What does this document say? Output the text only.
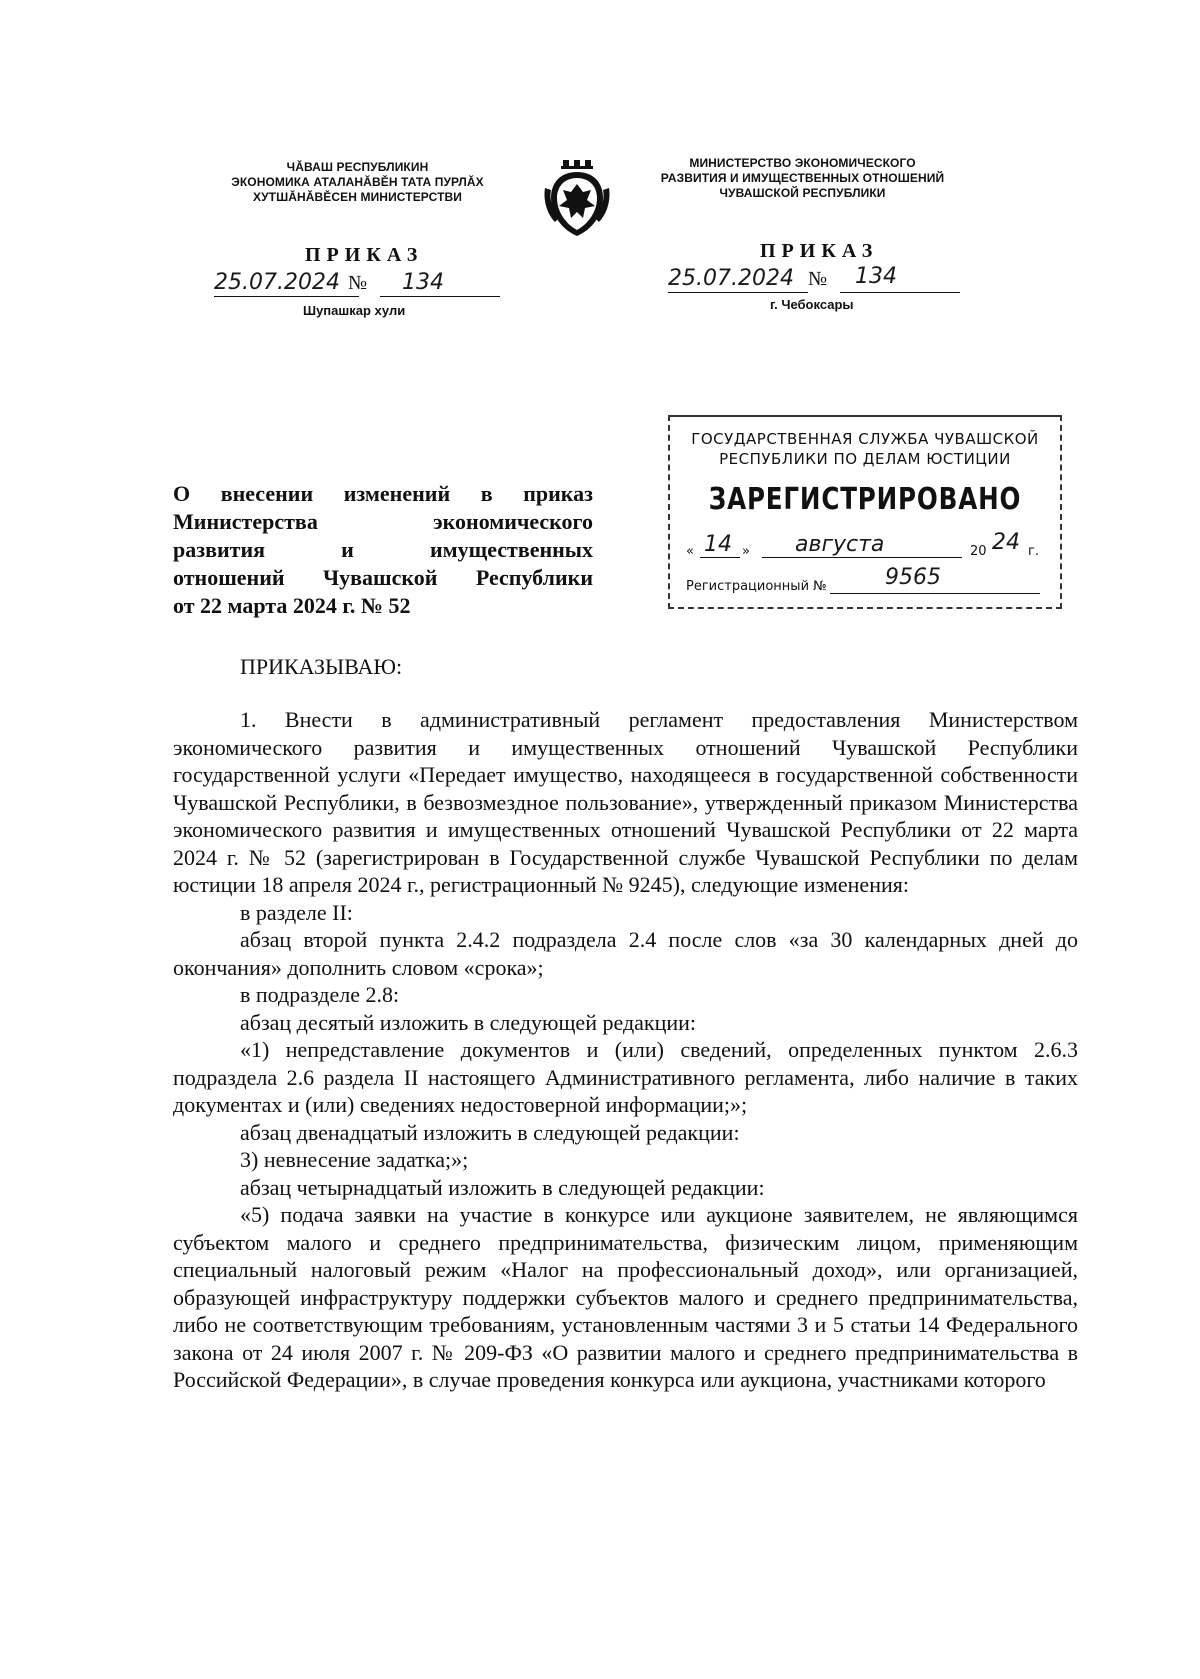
ЧĂВАШ РЕСПУБЛИКИН
ЭКОНОМИКА АТАЛАНĂВĚН ТАТА ПУРЛĂХ
ХУТШĂНĂВĚСЕН МИНИСТЕРСТВИ
МИНИСТЕРСТВО ЭКОНОМИЧЕСКОГО
РАЗВИТИЯ И ИМУЩЕСТВЕННЫХ ОТНОШЕНИЙ
ЧУВАШСКОЙ РЕСПУБЛИКИ
ПРИКАЗ
25.07.2024 № 134
Шупашкар хули
ПРИКАЗ
25.07.2024 № 134
г. Чебоксары
ГОСУДАРСТВЕННАЯ СЛУЖБА ЧУВАШСКОЙ
РЕСПУБЛИКИ ПО ДЕЛАМ ЮСТИЦИИ
ЗАРЕГИСТРИРОВАНО
« 14 » августа	20 24 г.
Регистрационный №	9565
О внесении изменений в приказ
Министерства экономического
развития и имущественных
отношений Чувашской Республики
от 22 марта 2024 г. № 52
ПРИКАЗЫВАЮ:

1. Внести в административный регламент предоставления Министерством экономического развития и имущественных отношений Чувашской Республики государственной услуги «Передает имущество, находящееся в государственной собственности Чувашской Республики, в безвозмездное пользование», утвержденный приказом Министерства экономического развития и имущественных отношений Чувашской Республики от 22 марта 2024 г. № 52 (зарегистрирован в Государственной службе Чувашской Республики по делам юстиции 18 апреля 2024 г., регистрационный № 9245), следующие изменения:

в разделе II:

абзац второй пункта 2.4.2 подраздела 2.4 после слов «за 30 календарных дней до окончания» дополнить словом «срока»;

в подразделе 2.8:

абзац десятый изложить в следующей редакции:

«1) непредставление документов и (или) сведений, определенных пунктом 2.6.3 подраздела 2.6 раздела II настоящего Административного регламента, либо наличие в таких документах и (или) сведениях недостоверной информации;»;

абзац двенадцатый изложить в следующей редакции:

3) невнесение задатка;»;

абзац четырнадцатый изложить в следующей редакции:

«5) подача заявки на участие в конкурсе или аукционе заявителем, не являющимся субъектом малого и среднего предпринимательства, физическим лицом, применяющим специальный налоговый режим «Налог на профессиональный доход», или организацией, образующей инфраструктуру поддержки субъектов малого и среднего предпринимательства, либо не соответствующим требованиям, установленным частями 3 и 5 статьи 14 Федерального закона от 24 июля 2007 г. № 209-ФЗ «О развитии малого и среднего предпринимательства в Российской Федерации», в случае проведения конкурса или аукциона, участниками которого
